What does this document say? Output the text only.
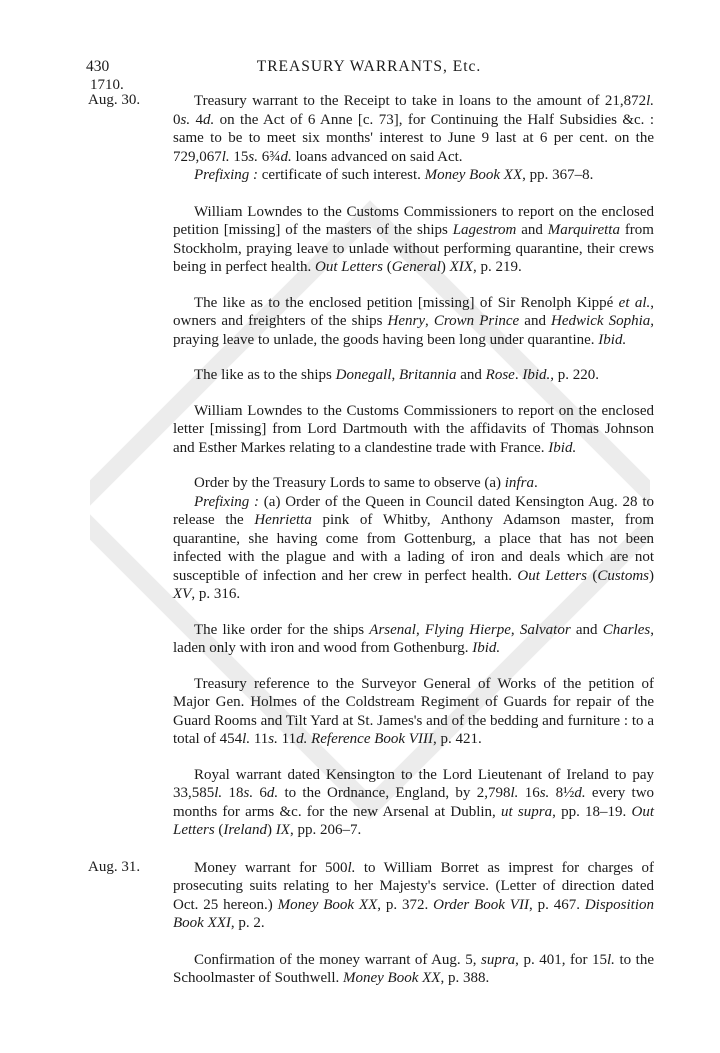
430	TREASURY WARRANTS, Etc.
1710.
Aug. 30.	Treasury warrant to the Receipt to take in loans to the amount of 21,872l. 0s. 4d. on the Act of 6 Anne [c. 73], for Continuing the Half Subsidies &c. : same to be to meet six months' interest to June 9 last at 6 per cent. on the 729,067l. 15s. 6¾d. loans advanced on said Act.

Prefixing : certificate of such interest. Money Book XX, pp. 367–8.

William Lowndes to the Customs Commissioners to report on the enclosed petition [missing] of the masters of the ships Lagestrom and Marquiretta from Stockholm, praying leave to unlade without performing quarantine, their crews being in perfect health. Out Letters (General) XIX, p. 219.

The like as to the enclosed petition [missing] of Sir Renolph Kippé et al., owners and freighters of the ships Henry, Crown Prince and Hedwick Sophia, praying leave to unlade, the goods having been long under quarantine. Ibid.

The like as to the ships Donegall, Britannia and Rose. Ibid., p. 220.

William Lowndes to the Customs Commissioners to report on the enclosed letter [missing] from Lord Dartmouth with the affidavits of Thomas Johnson and Esther Markes relating to a clandestine trade with France. Ibid.

Order by the Treasury Lords to same to observe (a) infra.

Prefixing : (a) Order of the Queen in Council dated Kensington Aug. 28 to release the Henrietta pink of Whitby, Anthony Adamson master, from quarantine, she having come from Gottenburg, a place that has not been infected with the plague and with a lading of iron and deals which are not susceptible of infection and her crew in perfect health. Out Letters (Customs) XV, p. 316.

The like order for the ships Arsenal, Flying Hierpe, Salvator and Charles, laden only with iron and wood from Gothenburg. Ibid.

Treasury reference to the Surveyor General of Works of the petition of Major Gen. Holmes of the Coldstream Regiment of Guards for repair of the Guard Rooms and Tilt Yard at St. James's and of the bedding and furniture : to a total of 454l. 11s. 11d. Reference Book VIII, p. 421.

Royal warrant dated Kensington to the Lord Lieutenant of Ireland to pay 33,585l. 18s. 6d. to the Ordnance, England, by 2,798l. 16s. 8½d. every two months for arms &c. for the new Arsenal at Dublin, ut supra, pp. 18–19. Out Letters (Ireland) IX, pp. 206–7.

Aug. 31.	Money warrant for 500l. to William Borret as imprest for charges of prosecuting suits relating to her Majesty's service. (Letter of direction dated Oct. 25 hereon.) Money Book XX, p. 372. Order Book VII, p. 467. Disposition Book XXI, p. 2.

Confirmation of the money warrant of Aug. 5, supra, p. 401, for 15l. to the Schoolmaster of Southwell. Money Book XX, p. 388.
